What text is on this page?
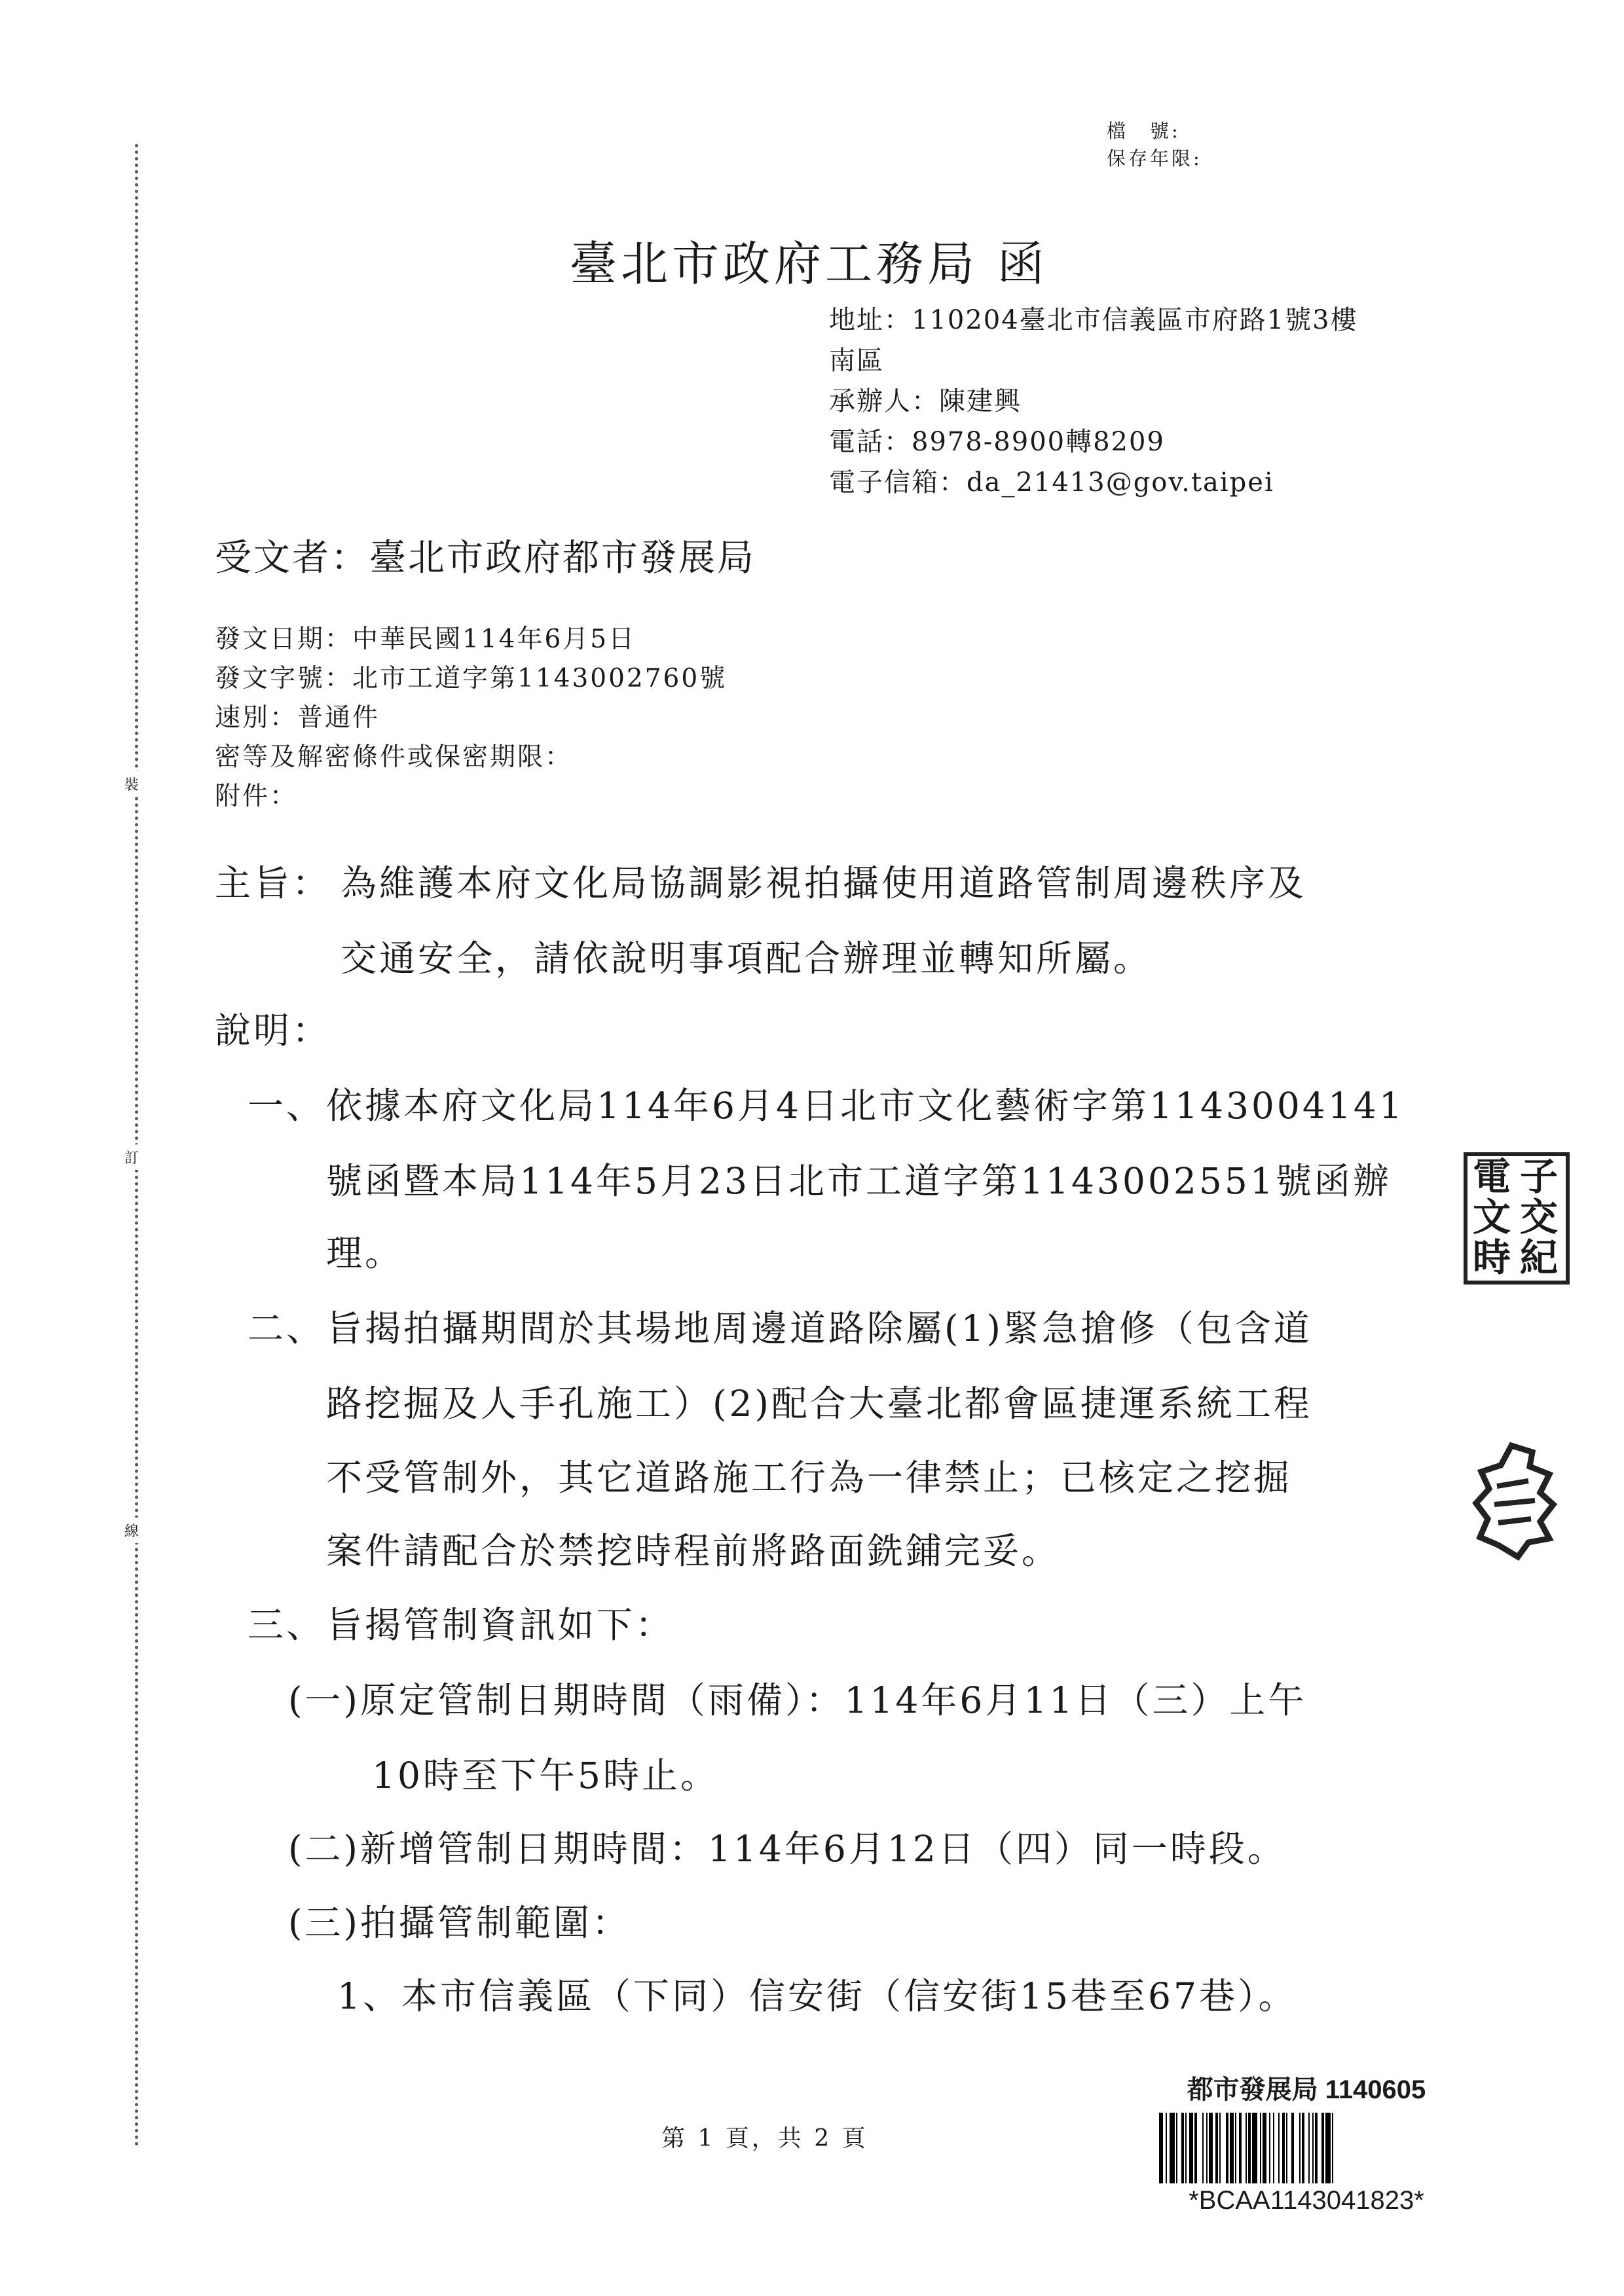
裝
訂
線
檔　號:
保存年限:
臺北市政府工務局 函
地址：110204臺北市信義區市府路1號3樓
南區
承辦人：陳建興
電話：8978-8900轉8209
電子信箱：da_21413@gov.taipei
受文者：臺北市政府都市發展局
發文日期：中華民國114年6月5日
發文字號：北市工道字第1143002760號
速別：普通件
密等及解密條件或保密期限：
附件：
主旨： 為維護本府文化局協調影視拍攝使用道路管制周邊秩序及
交通安全，請依說明事項配合辦理並轉知所屬。
說明：
一、 依據本府文化局114年6月4日北市文化藝術字第1143004141
號函暨本局114年5月23日北市工道字第1143002551號函辦
理。
二、 旨揭拍攝期間於其場地周邊道路除屬(1)緊急搶修（包含道
路挖掘及人手孔施工）(2)配合大臺北都會區捷運系統工程
不受管制外，其它道路施工行為一律禁止；已核定之挖掘
案件請配合於禁挖時程前將路面銑鋪完妥。
三、 旨揭管制資訊如下：
(一)原定管制日期時間（雨備）：114年6月11日（三）上午
10時至下午5時止。
(二)新增管制日期時間：114年6月12日（四）同一時段。
(三)拍攝管制範圍：
1、本市信義區（下同）信安街（信安街15巷至67巷）。
電 子
文 交
時 紀
第 1 頁，共 2 頁
都市發展局 1140605
*BCAA1143041823*
